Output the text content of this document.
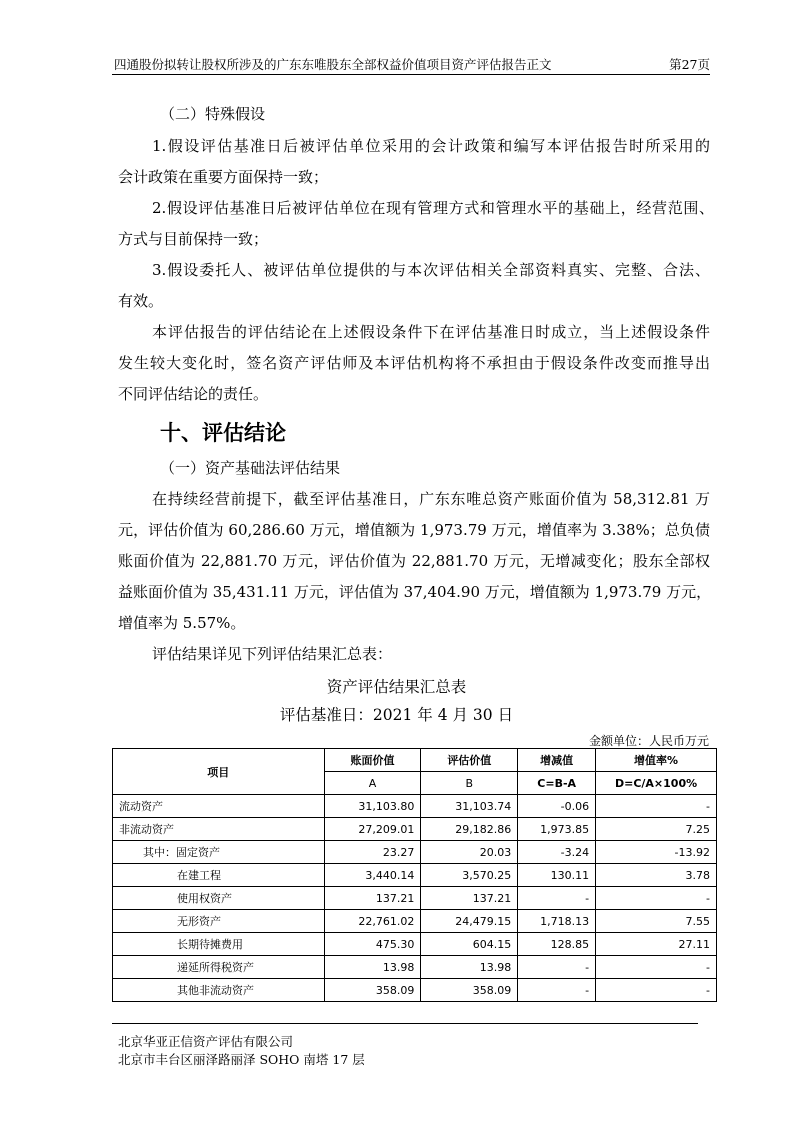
四通股份拟转让股权所涉及的广东东唯股东全部权益价值项目资产评估报告正文	第27页
（二）特殊假设
1.假设评估基准日后被评估单位采用的会计政策和编写本评估报告时所采用的
会计政策在重要方面保持一致；
2.假设评估基准日后被评估单位在现有管理方式和管理水平的基础上，经营范围、
方式与目前保持一致；
3.假设委托人、被评估单位提供的与本次评估相关全部资料真实、完整、合法、
有效。
本评估报告的评估结论在上述假设条件下在评估基准日时成立，当上述假设条件
发生较大变化时，签名资产评估师及本评估机构将不承担由于假设条件改变而推导出
不同评估结论的责任。
十、评估结论
（一）资产基础法评估结果
在持续经营前提下，截至评估基准日，广东东唯总资产账面价值为 58,312.81 万
元，评估价值为 60,286.60 万元，增值额为 1,973.79 万元，增值率为 3.38%；总负债
账面价值为 22,881.70 万元，评估价值为 22,881.70 万元，无增减变化；股东全部权
益账面价值为 35,431.11 万元，评估值为 37,404.90 万元，增值额为 1,973.79 万元，
增值率为 5.57%。
评估结果详见下列评估结果汇总表：
资产评估结果汇总表
评估基准日：2021 年 4 月 30 日
金额单位：人民币万元
项目	账面价值	评估价值	增减值	增值率%
	A	B	C=B-A	D=C/A×100%
流动资产	31,103.80	31,103.74	-0.06	-
非流动资产	27,209.01	29,182.86	1,973.85	7.25
其中：固定资产	23.27	20.03	-3.24	-13.92
在建工程	3,440.14	3,570.25	130.11	3.78
使用权资产	137.21	137.21	-	-
无形资产	22,761.02	24,479.15	1,718.13	7.55
长期待摊费用	475.30	604.15	128.85	27.11
递延所得税资产	13.98	13.98	-	-
其他非流动资产	358.09	358.09	-	-
北京华亚正信资产评估有限公司
北京市丰台区丽泽路丽泽 SOHO 南塔 17 层
